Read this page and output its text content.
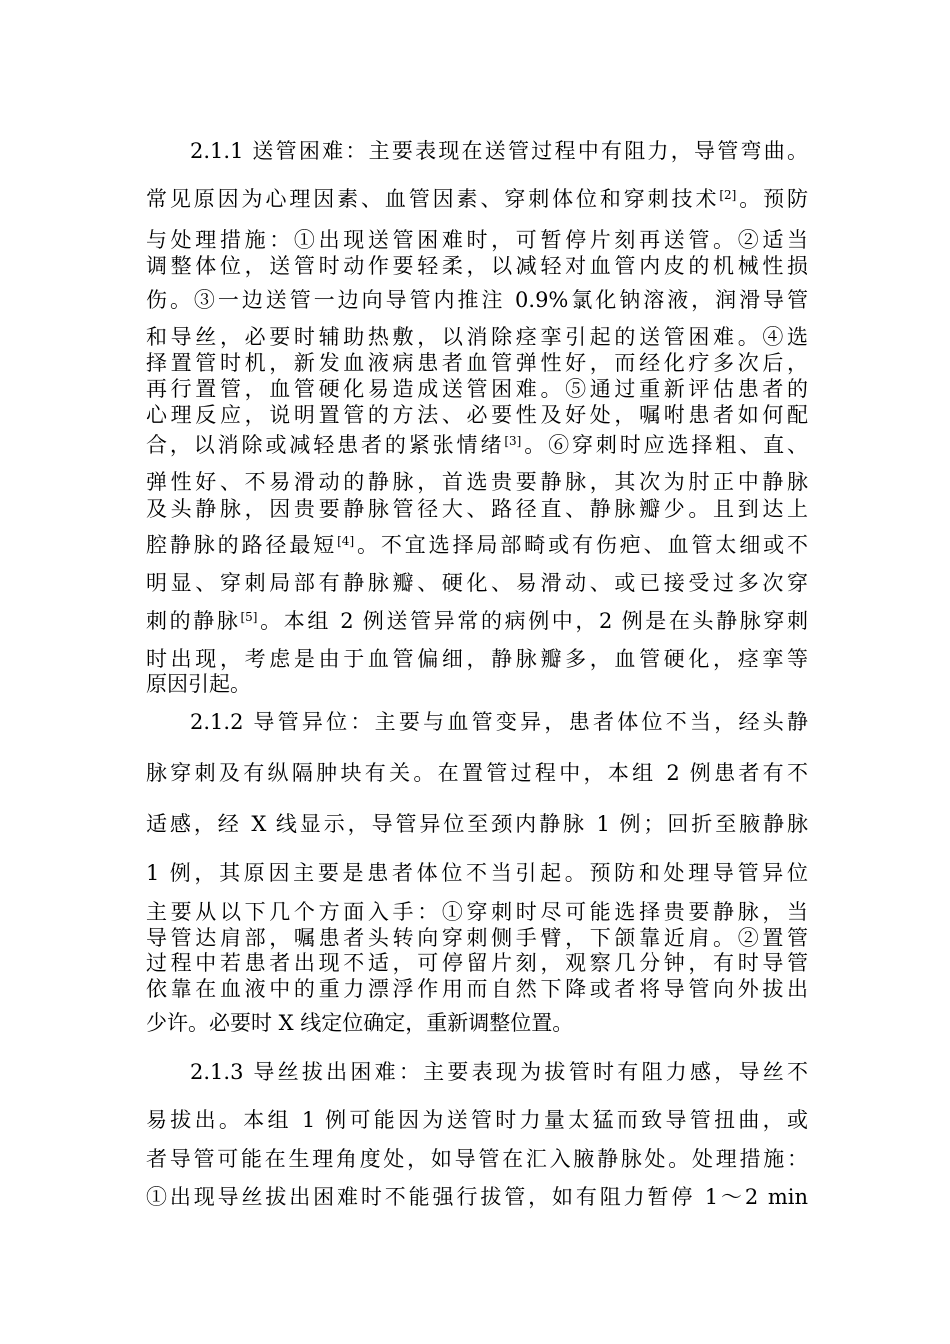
2.1.1 送管困难：主要表现在送管过程中有阻力，导管弯曲。
常见原因为心理因素、血管因素、穿刺体位和穿刺技术[2]。预防
与处理措施：①出现送管困难时，可暂停片刻再送管。②适当
调整体位，送管时动作要轻柔，以减轻对血管内皮的机械性损
伤。③一边送管一边向导管内推注 0.9%氯化钠溶液，润滑导管
和导丝，必要时辅助热敷，以消除痉挛引起的送管困难。④选
择置管时机，新发血液病患者血管弹性好，而经化疗多次后，
再行置管，血管硬化易造成送管困难。⑤通过重新评估患者的
心理反应，说明置管的方法、必要性及好处，嘱咐患者如何配
合，以消除或减轻患者的紧张情绪[3]。⑥穿刺时应选择粗、直、
弹性好、不易滑动的静脉，首选贵要静脉，其次为肘正中静脉
及头静脉，因贵要静脉管径大、路径直、静脉瓣少。且到达上
腔静脉的路径最短[4]。不宜选择局部畸或有伤疤、血管太细或不
明显、穿刺局部有静脉瓣、硬化、易滑动、或已接受过多次穿
刺的静脉[5]。本组 2 例送管异常的病例中，2 例是在头静脉穿刺
时出现，考虑是由于血管偏细，静脉瓣多，血管硬化，痉挛等
原因引起。
2.1.2 导管异位：主要与血管变异，患者体位不当，经头静
脉穿刺及有纵隔肿块有关。在置管过程中，本组 2 例患者有不
适感，经 X 线显示，导管异位至颈内静脉 1 例；回折至腋静脉
1 例，其原因主要是患者体位不当引起。预防和处理导管异位
主要从以下几个方面入手：①穿刺时尽可能选择贵要静脉，当
导管达肩部，嘱患者头转向穿刺侧手臂，下颌靠近肩。②置管
过程中若患者出现不适，可停留片刻，观察几分钟，有时导管
依靠在血液中的重力漂浮作用而自然下降或者将导管向外拔出
少许。必要时 X 线定位确定，重新调整位置。
2.1.3 导丝拔出困难：主要表现为拔管时有阻力感，导丝不
易拔出。本组 1 例可能因为送管时力量太猛而致导管扭曲，或
者导管可能在生理角度处，如导管在汇入腋静脉处。处理措施：
①出现导丝拔出困难时不能强行拔管，如有阻力暂停 1～2 min
